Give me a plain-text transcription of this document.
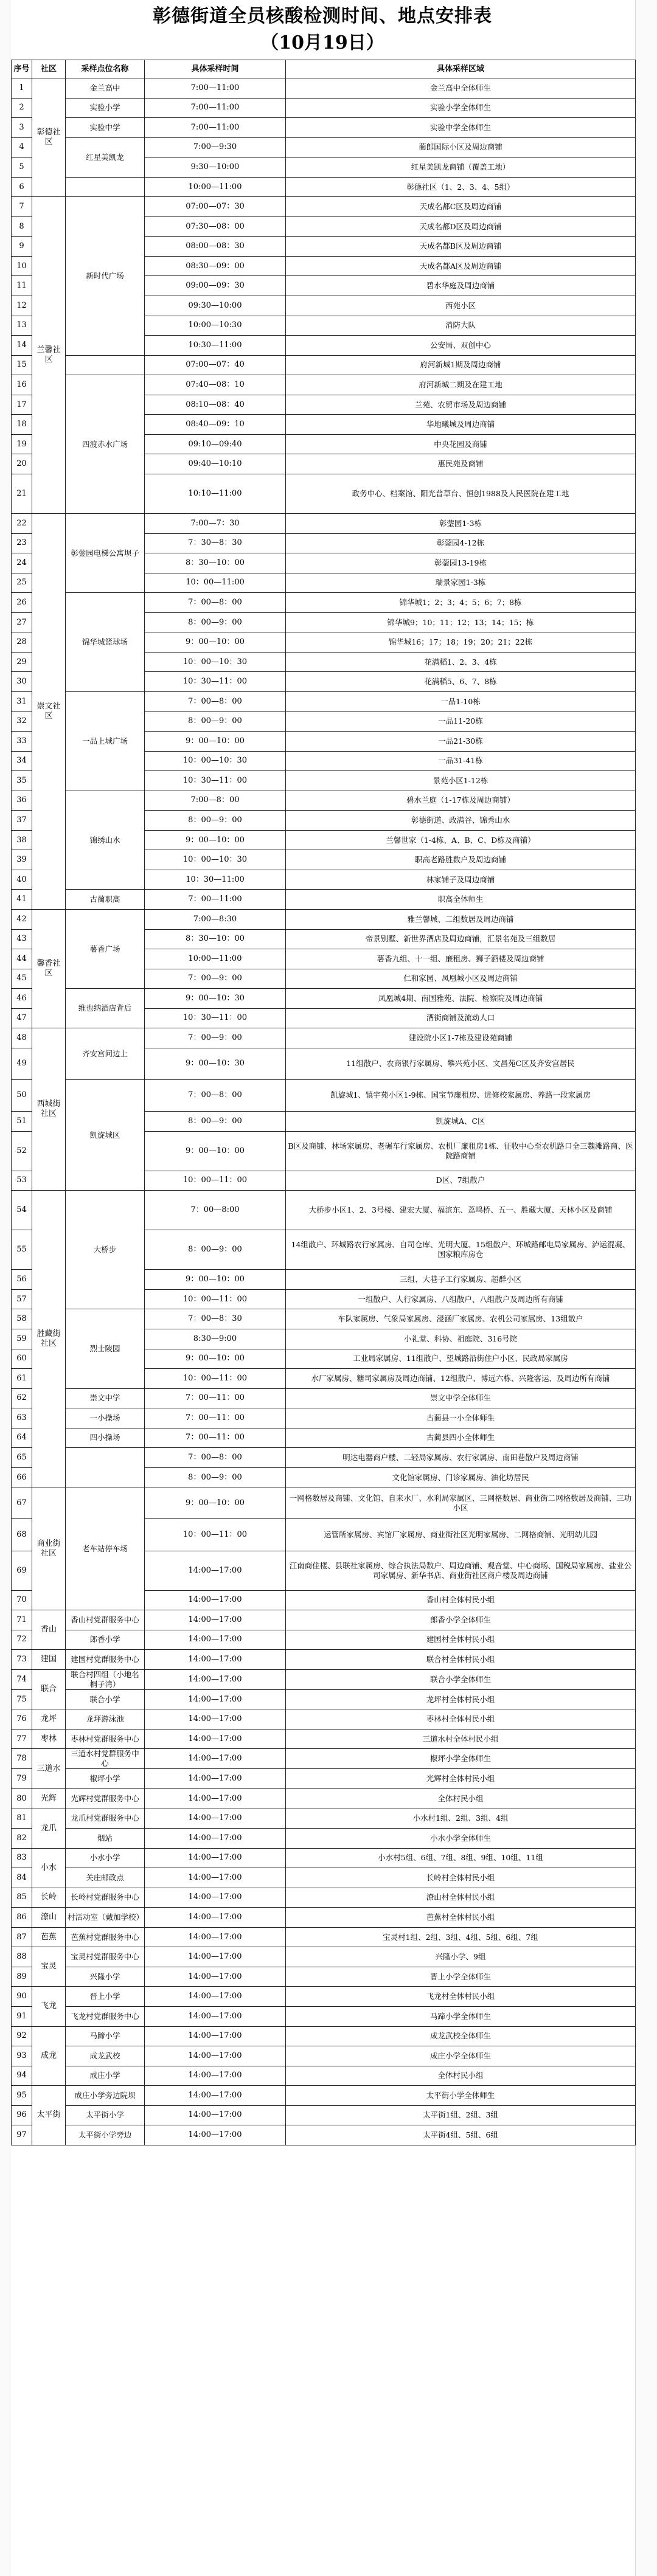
彰德街道全员核酸检测时间、地点安排表
（10月19日）
序号	社区	采样点位名称	具体采样时间	具体采样区域
1	彰德社区	金兰高中	7:00—11:00	金兰高中全体师生
2		实验小学	7:00—11:00	实验小学全体师生
3		实验中学	7:00—11:00	实验中学全体师生
4		红星美凯龙	7:00—9:30	蔺郎国际小区及周边商铺
5			9:30—10:00	红星美凯龙商铺（覆盖工地）
6			10:00—11:00	彰德社区（1、2、3、4、5组）
7	兰馨社区	新时代广场	07:00—07：30	天成名都C区及周边商铺
8			07:30—08：00	天成名都D区及周边商铺
9			08:00—08：30	天成名都B区及周边商铺
10			08:30—09：00	天成名都A区及周边商铺
11			09:00—09：30	碧水华庭及周边商铺
12			09:30—10:00	西苑小区
13			10:00—10:30	消防大队
14			10:30—11:00	公安局、双创中心
15			07:00—07：40	府河新城1期及周边商铺
16		四渡赤水广场	07:40—08：10	府河新城二期及在建工地
17			08:10—08：40	兰苑、农贸市场及周边商铺
18			08:40—09：10	华地曦城及周边商铺
19			09:10—09:40	中央花园及商铺
20			09:40—10:10	惠民苑及商铺
21			10:10—11:00	政务中心、档案馆、阳光普草台、恒创1988及人民医院在建工地
22	崇文社区	彰蓥园电梯公寓坝子	7:00—7：30	彰蓥园1-3栋
23			7：30—8：30	彰蓥园4-12栋
24			8：30—10：00	彰蓥园13-19栋
25			10：00—11:00	瑞景家园1-3栋
26		锦华城篮球场	7：00—8：00	锦华城1；2；3；4；5；6；7；8栋
27			8：00—9：00	锦华城9；10；11；12；13；14；15；栋
28			9：00—10：00	锦华城16；17；18；19；20；21；22栋
29			10：00—10：30	花满稻1、2、3、4栋
30			10：30—11：00	花满稻5、6、7、8栋
31		一品上城广场	7：00—8：00	一品1-10栋
32			8：00—9：00	一品11-20栋
33			9：00—10：00	一品21-30栋
34			10：00—10：30	一品31-41栋
35			10：30—11：00	景苑小区1-12栋
36		锦绣山水	7:00—8：00	碧水兰庭（1-17栋及周边商铺）
37			8：00—9：00	彰德街道、政满谷、锦秀山水
38			9：00—10：00	兰馨世家（1-4栋、A、B、C、D栋及商铺）
39			10：00—10：30	职高老路胜数户及周边商铺
40			10：30—11:00	林家铺子及周边商铺
41		古蔺职高	7：00—11:00	职高全体师生
42	馨香社区	薯香广场	7:00—8:30	雅兰馨城、二组数居及周边商铺
43			8：30—10：00	帝景别墅、新世界酒店及周边商铺，汇景名苑及三组数居
44			10:00—11:00	薯香九组、十一组、廉租房、狮子酒楼及周边商铺
45			7：00—9：00	仁和家园、凤凰城小区及周边商铺
46		维也纳酒店背后	9：00—10：30	凤凰城4期、南国雅苑、法院、检察院及周边商铺
47			10：30—11：00	酒街商铺及流动人口
48	西城街社区	齐安宫问边上	7：00—9：00	建设院小区1-7栋及建设苑商铺
49			9：00—10：30	11组散户、农商银行家属房、攀兴苑小区、文昌苑C区及齐安宫居民
50		凯旋城区	7：00—8：00	凯旋城1、镇宇苑小区1-9栋、国宝节廉租房、进修校家属房、养路一段家属房
51			8：00—9：00	凯旋城A、C区
52			9：00—10：00	B区及商铺、林场家属房、老碾车行家属房、农机厂廉租房1栋、征收中心至农机路口全三魏滩路商、医院路商铺
53			10：00—11：00	D区、7组散户
54	胜藏街社区	大桥步	7：00—8:00	大桥步小区1、2、3号楼、建宏大厦、福滨东、荔鸣桥、五一、胜藏大厦、天林小区及商铺
55			8：00—9：00	14组散户、环城路农行家属房、自司仓库、光明大厦、15组散户、环城路邮电局家属房、泸运混凝、国家粮库房仓
56			9：00—10：00	三组、大巷子工行家属房、超群小区
57			10：00—11：00	一组散户、人行家属房、八组散户、八组散户及周边所有商铺
58		烈士陵园	7：00—8：30	车队家属房、气象局家属房、浸涵厂家属房、农机公司家属房、13组散户
59			8:30—9:00	小礼堂、科协、祖庭院、316号院
60			9：00—10：00	工业局家属房、11组散户、望城路沿街住户小区、民政局家属房
61			10：00—11：00	水厂家属房、糖司家属房及周边商铺、12组散户、博远六栋、兴隆客运、及周边所有商铺
62		崇文中学	7：00—11：00	崇文中学全体师生
63		一小操场	7：00—11：00	古蔺县一小全体师生
64		四小操场	7：00—11：00	古蔺县四小全体师生
65			7：00—8：00	明达电器商户楼、二轻局家属房、农行家属房、南田巷散户及周边商铺
66			8：00—9：00	文化馆家属房、门诊家属房、油化坊居民
67	商业街社区	老车站停车场	9：00—10：00	一网格数居及商铺、文化馆、自来水厂、水利局家属区、三网格数居、商业街二网格数居及商铺、三功小区
68			10：00—11：00	运管所家属房、宾馆厂家属房、商业街社区光明家属房、二网格商铺、光明幼儿园
69			14:00—17:00	江南商住楼、县联社家属房、综合执法局数户、周边商铺、观音堂、中心商场、国税局家属房、盐业公司家属房、新华书店、商业街社区商户楼及周边商铺
70			14:00—17:00	香山村全体村民小组
71	香山	香山村党群服务中心	14:00—17:00	郎香小学全体师生
72		郎香小学	14:00—17:00	建国村全体村民小组
73	建国	建国村党群服务中心	14:00—17:00	联合村全体村民小组
74	联合	联合村四组（小地名桐子湾）	14:00—17:00	联合小学全体师生
75		联合小学	14:00—17:00	龙坪村全体村民小组
76	龙坪	龙坪游泳池	14:00—17:00	枣林村全体村民小组
77	枣林	枣林村党群服务中心	14:00—17:00	三道水村全体村民小组
78	三道水	三道水村党群服务中心	14:00—17:00	椒坪小学全体师生
79		椒坪小学	14:00—17:00	光辉村全体村民小组
80	光辉	光辉村党群服务中心	14:00—17:00	全体村民小组
81	龙爪	龙爪村党群服务中心	14:00—17:00	小水村1组、2组、3组、4组
82		烟站	14:00—17:00	小水小学全体师生
83	小水	小水小学	14:00—17:00	小水村5组、6组、7组、8组、9组、10组、11组
84		关庄邮政点	14:00—17:00	长岭村全体村民小组
85	长岭	长岭村党群服务中心	14:00—17:00	潦山村全体村民小组
86	潦山	村活动室（戴加学校）	14:00—17:00	芭蕉村全体村民小组
87	芭蕉	芭蕉村党群服务中心	14:00—17:00	宝灵村1组、2组、3组、4组、5组、6组、7组
88	宝灵	宝灵村党群服务中心	14:00—17:00	兴隆小学、9组
89		兴隆小学	14:00—17:00	晋上小学全体师生
90	飞龙	晋上小学	14:00—17:00	飞龙村全体村民小组
91		飞龙村党群服务中心	14:00—17:00	马蹄小学全体师生
92	成龙	马蹄小学	14:00—17:00	成龙武校全体师生
93		成龙武校	14:00—17:00	成庄小学全体师生
94		成庄小学	14:00—17:00	全体村民小组
95	太平街	成庄小学旁边院坝	14:00—17:00	太平街小学全体师生
96		太平街小学	14:00—17:00	太平街1组、2组、3组
97		太平街小学旁边	14:00—17:00	太平街4组、5组、6组
